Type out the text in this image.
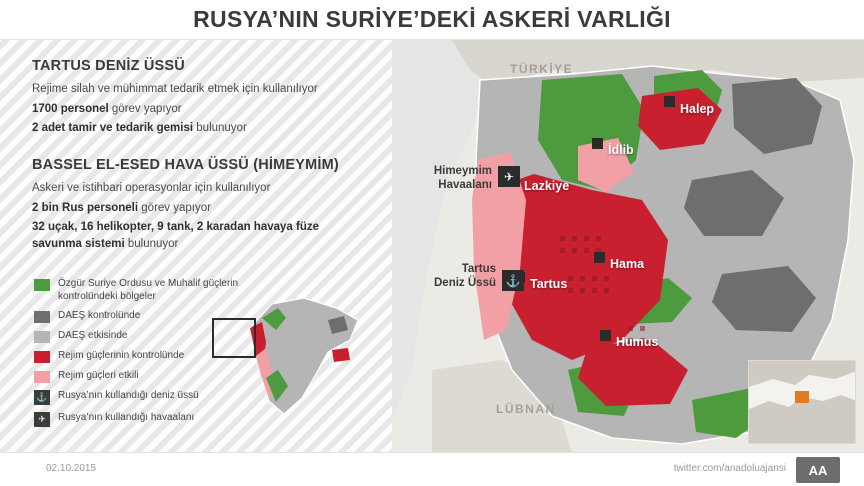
RUSYA’NIN SURİYE’DEKİ ASKERİ VARLIĞI
TARTUS DENİZ ÜSSÜ
Rejime silah ve mühimmat tedarik etmek için kullanılıyor
1700 personel görev yapıyor
2 adet tamir ve tedarik gemisi bulunuyor
BASSEL EL-ESED HAVA ÜSSÜ (HİMEYMİM)
Askeri ve istihbari operasyonlar için kullanılıyor
2 bin Rus personeli görev yapıyor
32 uçak, 16 helikopter, 9 tank, 2 karadan havaya füze savunma sistemi bulunuyor
Özgür Suriye Ordusu ve Muhalif güçlerin kontrolündeki bölgeler
DAEŞ kontrolünde
DAEŞ etkisinde
Rejim güçlerinin kontrolünde
Rejim güçleri etkili
⚓ Rusya’nın kullandığı deniz üssü
✈	Rusya’nın kullandığı havaalanı
TÜRKİYE
LÜBNAN
Halep
İdlib
Lazkiye
Hama
Tartus
Humus
Himeymim
Havaalanı
✈
Tartus
Deniz Üssü ⚓
02.10.2015	twitter.com/anadoluajansi	AA
